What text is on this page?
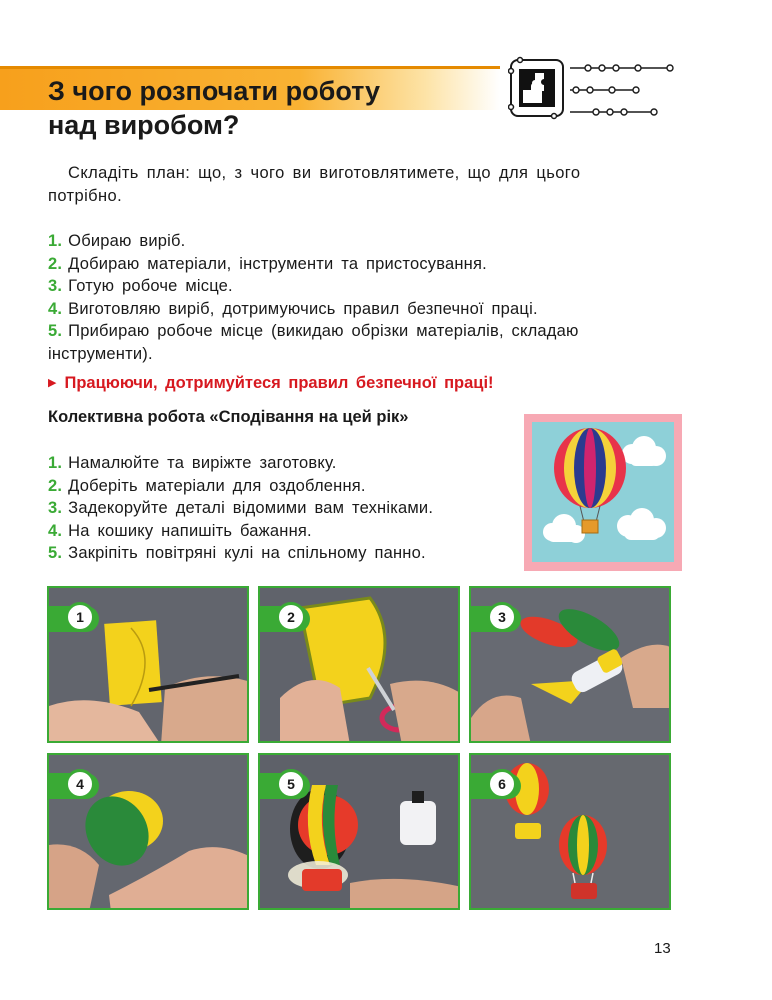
З чого розпочати роботу
над виробом?

Складіть план: що, з чого ви виготовлятимете, що для цього потрібно.

1. Обираю виріб.
2. Добираю матеріали, інструменти та пристосування.
3. Готую робоче місце.
4. Виготовляю виріб, дотримуючись правил безпечної праці.
5. Прибираю робоче місце (викидаю обрізки матеріалів, складаю інструменти).
▶ Працюючи, дотримуйтеся правил безпечної праці!
Колективна робота «Сподівання на цей рік»
1. Намалюйте та виріжте заготовку.
2. Доберіть матеріали для оздоблення.
3. Задекоруйте деталі відомими вам техніками.
4. На кошику напишіть бажання.
5. Закріпіть повітряні кулі на спільному панно.
1	2	3
4	5	6
13
